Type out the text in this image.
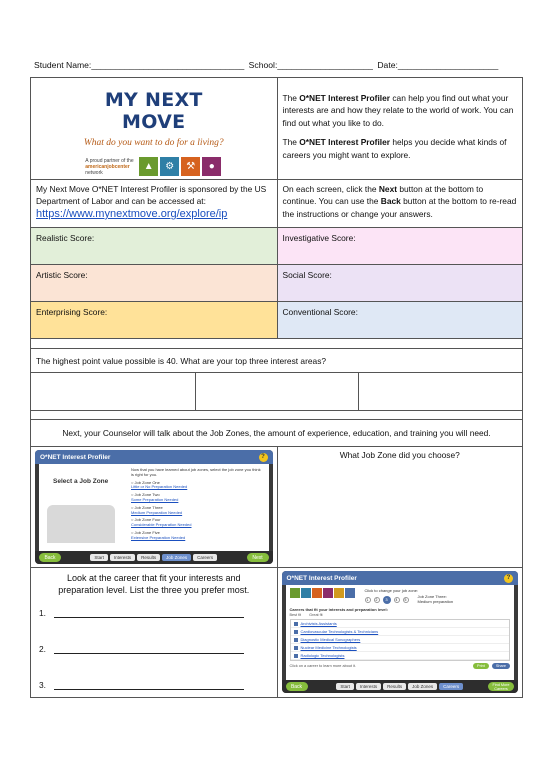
Student Name:________________________________ School:____________________ Date:_____________________
MY NEXT MOVE
What do you want to do for a living?
A proud partner of the
americanjobcenter
network
▲	⚙	⚒	●

The O*NET Interest Profiler can help you find out what your interests are and how they relate to the world of work. You can find out what you like to do.

The O*NET Interest Profiler helps you decide what kinds of careers you might want to explore.

My Next Move O*NET Interest Profiler is sponsored by the US Department of Labor and can be accessed at: https://www.mynextmove.org/explore/ip
On each screen, click the Next button at the bottom to continue. You can use the Back button at the bottom to re-read the instructions or change your answers.
Realistic Score:	Investigative Score:
Artistic Score:	Social Score:
Enterprising Score:	Conventional Score:
The highest point value possible is 40. What are your top three interest areas?
Next, your Counselor will talk about the Job Zones, the amount of experience, education, and training you will need.
O*NET Interest Profiler	?
Select a Job Zone
Now that you have learned about job zones, select the job zone you think is right for you.
○ Job Zone One
Little or No Preparation Needed
○ Job Zone Two
Some Preparation Needed
○ Job Zone Three
Medium Preparation Needed
○ Job Zone Four
Considerable Preparation Needed
○ Job Zone Five
Extensive Preparation Needed
Back	Start	Interests	Results	Job Zones	Careers	Next
What Job Zone did you choose?
Look at the career that fit your interests and preparation level. List the three you prefer most.
1.
2.
3.
O*NET Interest Profiler	?
Click to change your job zone:
1	2	3	4	5
Job Zone Three: Medium preparation
Careers that fit your interests and preparation level:
Best fit Great fit
Archivists Assistants
Cardiovascular Technologists & Technicians
Diagnostic Medical Sonographers
Nuclear Medicine Technologists
Radiologic Technologists
Click on a career to learn more about it.	Print	Share
Back	Start	Interests	Results	Job Zones	Careers	Find More Careers
